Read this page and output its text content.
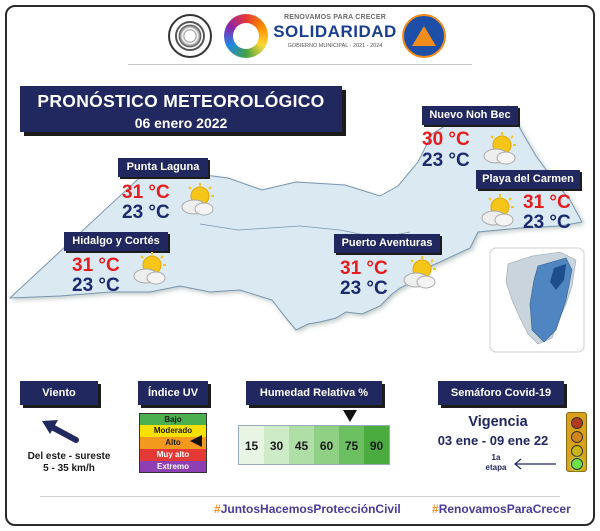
RENOVAMOS PARA CRECER
SOLIDARIDAD
GOBIERNO MUNICIPAL · 2021 - 2024
PRONÓSTICO METEOROLÓGICO
06 enero 2022	Nuevo Noh Bec
30 °C
23 °C
Punta Laguna
31 °C
23 °C
Playa del Carmen
31 °C
23 °C
Hidalgo y Cortés
31 °C
23 °C
Puerto Aventuras
31 °C
23 °C
Viento
Del este - sureste
5 - 35 km/h
Índice UV
Bajo
Moderado
Alto
Muy alto
Extremo
Humedad Relativa %
15 30 45 60 75 90
Semáforo Covid-19
Vigencia
03 ene - 09 ene 22
1a
etapa
#JuntosHacemosProtecciónCivil	#RenovamosParaCrecer
